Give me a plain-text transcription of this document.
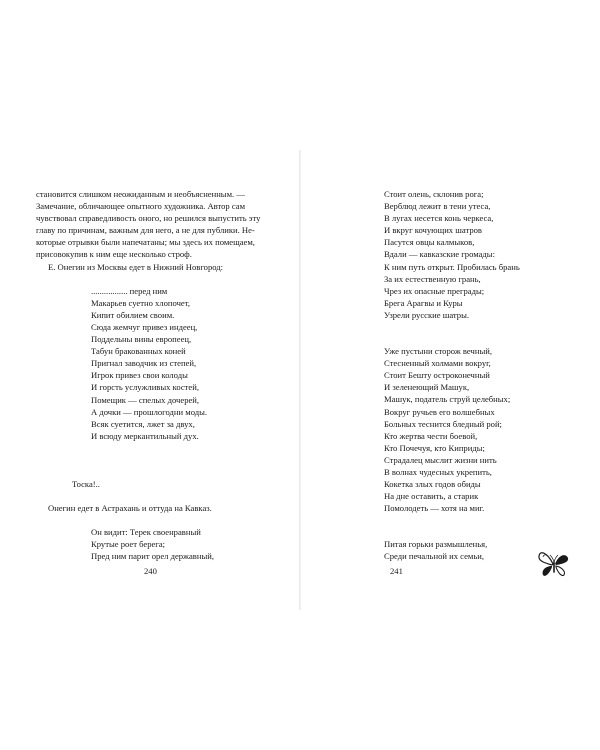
становится слишком неожиданным и необъясненным. —
Замечание, обличающее опытного художника. Автор сам
чувствовал справедливость оного, но решился выпустить эту
главу по причинам, важным для него, а не для публики. Не-
которые отрывки были напечатаны; мы здесь их помещаем,
присовокупив к ним еще несколько строф.
Е. Онегин из Москвы едет в Нижний Новгород:
................. перед ним
Макарьев суетно хлопочет,
Кипит обилием своим.
Сюда жемчуг привез индеец,
Поддельны вины европеец,
Табун бракованных коней
Пригнал заводчик из степей,
Игрок привез свои колоды
И горсть услужливых костей,
Помещик — спелых дочерей,
А дочки — прошлогодни моды.
Всяк суетится, лжет за двух,
И всюду меркантильный дух.
Тоска!..
Онегин едет в Астрахань и оттуда на Кавказ.
Он видит: Терек своенравный
Крутые роет берега;
Пред ним парит орел державный,
240
Стоит олень, склонив рога;
Верблюд лежит в тени утеса,
В лугах несется конь черкеса,
И вкруг кочующих шатров
Пасутся овцы калмыков,
Вдали — кавказские громады:
К ним путь открыт. Пробилась брань
За их естественную грань,
Чрез их опасные преграды;
Брега Арагвы и Куры
Узрели русские шатры.
Уже пустыни сторож вечный,
Стесненный холмами вокруг,
Стоит Бешту остроконечный
И зеленеющий Машук,
Машук, податель струй целебных;
Вокруг ручьев его волшебных
Больных теснится бледный рой;
Кто жертва чести боевой,
Кто Почечуя, кто Киприды;
Страдалец мыслит жизни нить
В волнах чудесных укрепить,
Кокетка злых годов обиды
На дне оставить, а старик
Помолодеть — хотя на миг.
Питая горьки размышленья,
Среди печальной их семьи,
241
